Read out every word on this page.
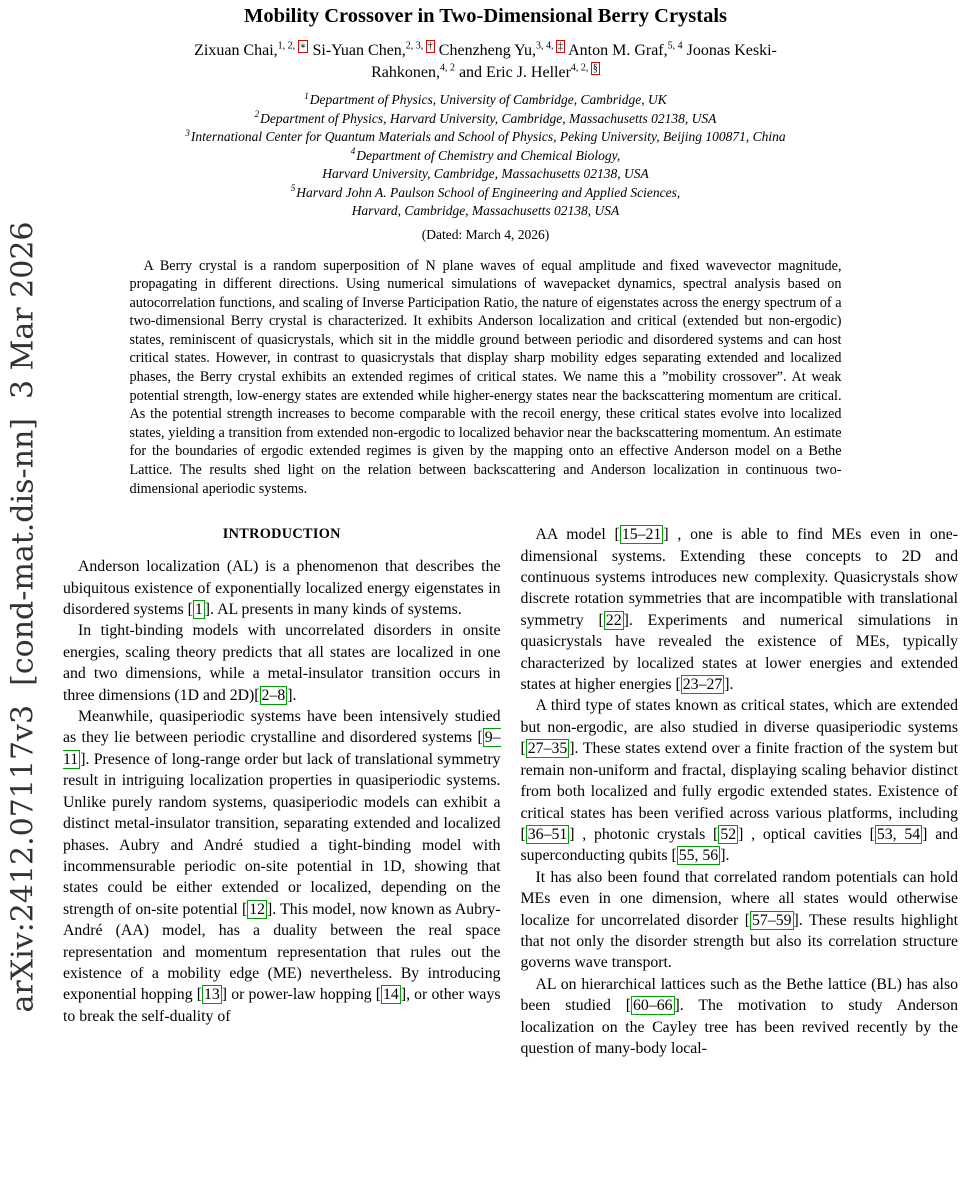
arXiv:2412.07117v3  [cond-mat.dis-nn]  3 Mar 2026
Mobility Crossover in Two-Dimensional Berry Crystals
Zixuan Chai,$^{1, 2, ∗}$ Si-Yuan Chen,$^{2, 3, \dagger}$ Chenzheng Yu,$^{3, 4, \ddagger}$ Anton M. Graf,$^{5, 4}$ Joonas Keski-Rahkonen,$^{4, 2}$ and Eric J. Heller$^{4, 2, \S}$
$^1$Department of Physics, University of Cambridge, Cambridge, UK
$^2$Department of Physics, Harvard University, Cambridge, Massachusetts 02138, USA
$^3$International Center for Quantum Materials and School of Physics, Peking University, Beijing 100871, China
$^4$Department of Chemistry and Chemical Biology,
Harvard University, Cambridge, Massachusetts 02138, USA
$^5$Harvard John A. Paulson School of Engineering and Applied Sciences,
Harvard, Cambridge, Massachusetts 02138, USA
(Dated: March 4, 2026)
A Berry crystal is a random superposition of N plane waves of equal amplitude and fixed wavevector magnitude, propagating in different directions. Using numerical simulations of wavepacket dynamics, spectral analysis based on autocorrelation functions, and scaling of Inverse Participation Ratio, the nature of eigenstates across the energy spectrum of a two-dimensional Berry crystal is characterized. It exhibits Anderson localization and critical (extended but non-ergodic) states, reminiscent of quasicrystals, which sit in the middle ground between periodic and disordered systems and can host critical states. However, in contrast to quasicrystals that display sharp mobility edges separating extended and localized phases, the Berry crystal exhibits an extended regimes of critical states. We name this a ”mobility crossover”. At weak potential strength, low-energy states are extended while higher-energy states near the backscattering momentum are critical. As the potential strength increases to become comparable with the recoil energy, these critical states evolve into localized states, yielding a transition from extended non-ergodic to localized behavior near the backscattering momentum. An estimate for the boundaries of ergodic extended regimes is given by the mapping onto an effective Anderson model on a Bethe Lattice. The results shed light on the relation between backscattering and Anderson localization in continuous two-dimensional aperiodic systems.
INTRODUCTION

Anderson localization (AL) is a phenomenon that describes the ubiquitous existence of exponentially localized energy eigenstates in disordered systems [ 1 ]. AL presents in many kinds of systems.

In tight-binding models with uncorrelated disorders in onsite energies, scaling theory predicts that all states are localized in one and two dimensions, while a metal-insulator transition occurs in three dimensions (1D and 2D)[ 2–8 ].

Meanwhile, quasiperiodic systems have been intensively studied as they lie between periodic crystalline and disordered systems [ 9–11 ]. Presence of long-range order but lack of translational symmetry result in intriguing localization properties in quasiperiodic systems. Unlike purely random systems, quasiperiodic models can exhibit a distinct metal-insulator transition, separating extended and localized phases. Aubry and André studied a tight-binding model with incommensurable periodic on-site potential in 1D, showing that states could be either extended or localized, depending on the strength of on-site potential [ 12 ]. This model, now known as Aubry-André (AA) model, has a duality between the real space representation and momentum representation that rules out the existence of a mobility edge (ME) nevertheless. By introducing exponential hopping [ 13 ] or power-law hopping [ 14 ], or other ways to break the self-duality of

AA model [ 15–21 ] , one is able to find MEs even in one-dimensional systems. Extending these concepts to 2D and continuous systems introduces new complexity. Quasicrystals show discrete rotation symmetries that are incompatible with translational symmetry [ 22 ]. Experiments and numerical simulations in quasicrystals have revealed the existence of MEs, typically characterized by localized states at lower energies and extended states at higher energies [ 23–27 ].

A third type of states known as critical states, which are extended but non-ergodic, are also studied in diverse quasiperiodic systems [ 27–35 ]. These states extend over a finite fraction of the system but remain non-uniform and fractal, displaying scaling behavior distinct from both localized and fully ergodic extended states. Existence of critical states has been verified across various platforms, including [ 36–51 ] , photonic crystals [ 52 ] , optical cavities [ 53, 54 ] and superconducting qubits [ 55, 56 ].

It has also been found that correlated random potentials can hold MEs even in one dimension, where all states would otherwise localize for uncorrelated disorder [ 57–59 ]. These results highlight that not only the disorder strength but also its correlation structure governs wave transport.

AL on hierarchical lattices such as the Bethe lattice (BL) has also been studied [ 60–66 ]. The motivation to study Anderson localization on the Cayley tree has been revived recently by the question of many-body local-
